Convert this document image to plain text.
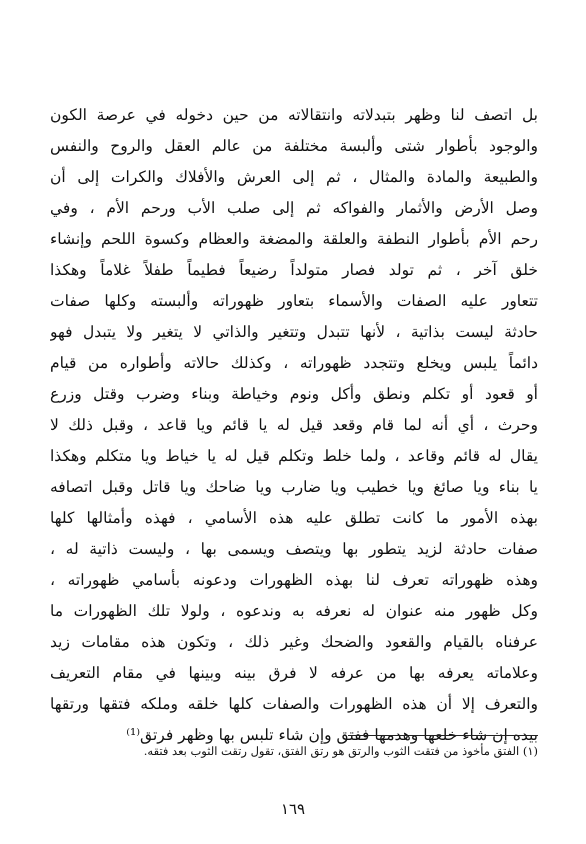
بل اتصف لنا وظهر بتبدلاته وانتقالاته من حين دخوله في عرصة الكون
والوجود بأطوار شتى وألبسة مختلفة من عالم العقل والروح والنفس
والطبيعة والمادة والمثال ، ثم إلى العرش والأفلاك والكرات إلى أن
وصل الأرض والأثمار والفواكه ثم إلى صلب الأب ورحم الأم ، وفي
رحم الأم بأطوار النطفة والعلقة والمضغة والعظام وكسوة اللحم وإنشاء
خلق آخر ، ثم تولد فصار متولداً رضيعاً فطيماً طفلاً غلاماً وهكذا
تتعاور عليه الصفات والأسماء بتعاور ظهوراته وألبسته وكلها صفات
حادثة ليست بذاتية ، لأنها تتبدل وتتغير والذاتي لا يتغير ولا يتبدل فهو
دائماً يلبس ويخلع وتتجدد ظهوراته ، وكذلك حالاته وأطواره من قيام
أو قعود أو تكلم ونطق وأكل ونوم وخياطة وبناء وضرب وقتل وزرع
وحرث ، أي أنه لما قام وقعد قيل له يا قائم ويا قاعد ، وقبل ذلك لا
يقال له قائم وقاعد ، ولما خلط وتكلم قيل له يا خياط ويا متكلم وهكذا
يا بناء ويا صائغ ويا خطيب ويا ضارب ويا ضاحك ويا قاتل وقبل اتصافه
بهذه الأمور ما كانت تطلق عليه هذه الأسامي ، فهذه وأمثالها كلها
صفات حادثة لزيد يتطور بها ويتصف ويسمى بها ، وليست ذاتية له ،
وهذه ظهوراته تعرف لنا بهذه الظهورات ودعونه بأسامي ظهوراته ،
وكل ظهور منه عنوان له نعرفه به وندعوه ، ولولا تلك الظهورات ما
عرفناه بالقيام والقعود والضحك وغير ذلك ، وتكون هذه مقامات زيد
وعلاماته يعرفه بها من عرفه لا فرق بينه وبينها في مقام التعريف
والتعرف إلا أن هذه الظهورات والصفات كلها خلقه وملكه فتقها ورتقها
بيده إن شاء خلعها وهدمها ففتق وإن شاء تلبس بها وظهر فرتق⁽¹⁾
(١) الفتق مأخوذ من فتقت الثوب والرتق هو رتق الفتق، تقول رتقت الثوب بعد فتقه.
١٦٩
